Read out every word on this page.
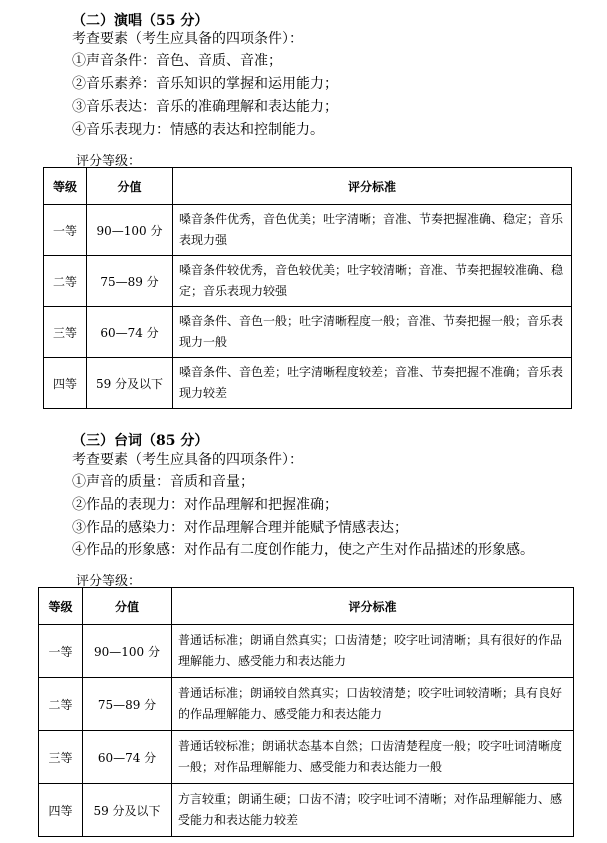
（二）演唱（55 分）
考查要素（考生应具备的四项条件）：
①声音条件：音色、音质、音准；
②音乐素养：音乐知识的掌握和运用能力；
③音乐表达：音乐的准确理解和表达能力；
④音乐表现力：情感的表达和控制能力。
评分等级：
等级	分值	评分标准
一等	90—100 分	嗓音条件优秀，音色优美；吐字清晰；音准、节奏把握准确、稳定；音乐表现力强
二等	75—89 分	嗓音条件较优秀，音色较优美；吐字较清晰；音准、节奏把握较准确、稳定；音乐表现力较强
三等	60—74 分	嗓音条件、音色一般；吐字清晰程度一般；音准、节奏把握一般；音乐表现力一般
四等	59 分及以下	嗓音条件、音色差；吐字清晰程度较差；音准、节奏把握不准确；音乐表现力较差
（三）台词（85 分）
考查要素（考生应具备的四项条件）：
①声音的质量：音质和音量；
②作品的表现力：对作品理解和把握准确；
③作品的感染力：对作品理解合理并能赋予情感表达；
④作品的形象感：对作品有二度创作能力，使之产生对作品描述的形象感。
评分等级：
等级	分值	评分标准
一等	90—100 分	普通话标准；朗诵自然真实；口齿清楚；咬字吐词清晰；具有很好的作品理解能力、感受能力和表达能力
二等	75—89 分	普通话标准；朗诵较自然真实；口齿较清楚；咬字吐词较清晰；具有良好的作品理解能力、感受能力和表达能力
三等	60—74 分	普通话较标准；朗诵状态基本自然；口齿清楚程度一般；咬字吐词清晰度一般；对作品理解能力、感受能力和表达能力一般
四等	59 分及以下	方言较重；朗诵生硬；口齿不清；咬字吐词不清晰；对作品理解能力、感受能力和表达能力较差
